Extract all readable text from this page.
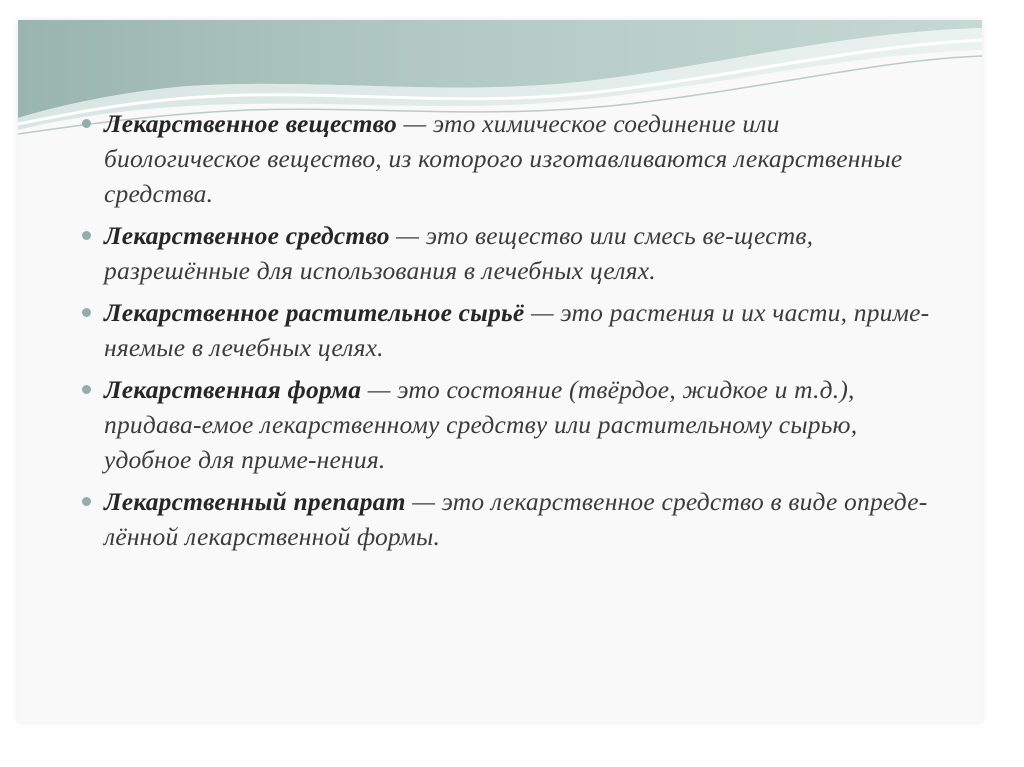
Лекарственное вещество — это химическое соединение или биологическое вещество, из которого изготавливаются лекарственные средства.
Лекарственное средство — это вещество или смесь ве-ществ, разрешённые для использования в лечебных целях.
Лекарственное растительное сырьё — это растения и их части, приме-няемые в лечебных целях.
Лекарственная форма — это состояние (твёрдое, жидкое и т.д.), придава-емое лекарственному средству или растительному сырью, удобное для приме-нения.
Лекарственный препарат — это лекарственное средство в виде опреде-лённой лекарственной формы.
